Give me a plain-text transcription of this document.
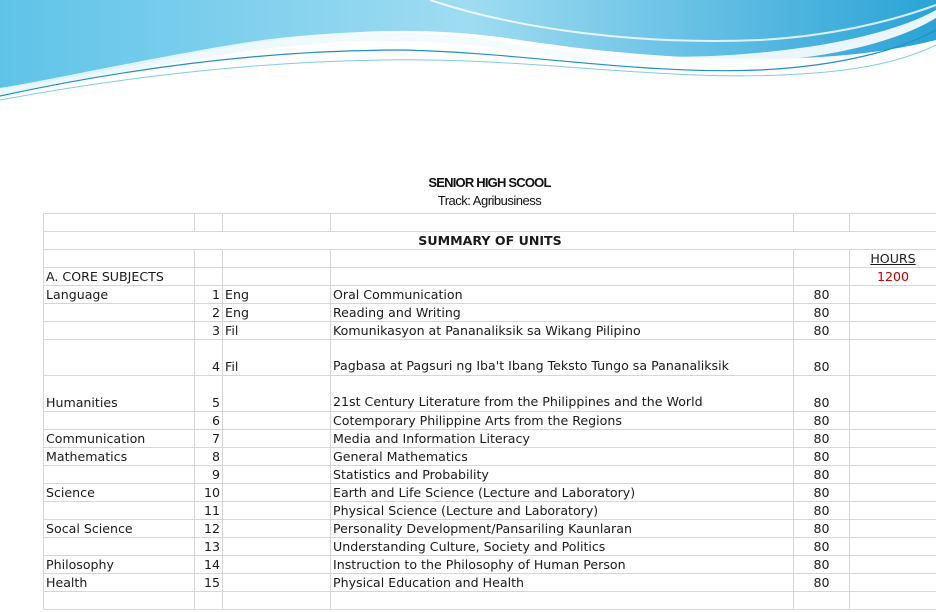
SENIOR HIGH SCOOL
Track: Agribusiness

SUMMARY OF UNITS					
					HOURS
A. CORE SUBJECTS					1200
Language	1	Eng	Oral Communication	80	
	2	Eng	Reading and Writing	80	
	3	Fil	Komunikasyon at Pananaliksik sa Wikang Pilipino	80	
	4	Fil	Pagbasa at Pagsuri ng Iba't Ibang Teksto Tungo sa Pananaliksik	80	
Humanities	5		21st Century Literature from the Philippines and the World	80	
	6		Cotemporary Philippine Arts from the Regions	80	
Communication	7		Media and Information Literacy	80	
Mathematics	8		General Mathematics	80	
	9		Statistics and Probability	80	
Science	10		Earth and Life Science (Lecture and Laboratory)	80	
	11		Physical Science (Lecture and Laboratory)	80	
Socal Science	12		Personality Development/Pansariling Kaunlaran	80	
	13		Understanding Culture, Society and Politics	80	
Philosophy	14		Instruction to the Philosophy of Human Person	80	
Health	15		Physical Education and Health	80	
